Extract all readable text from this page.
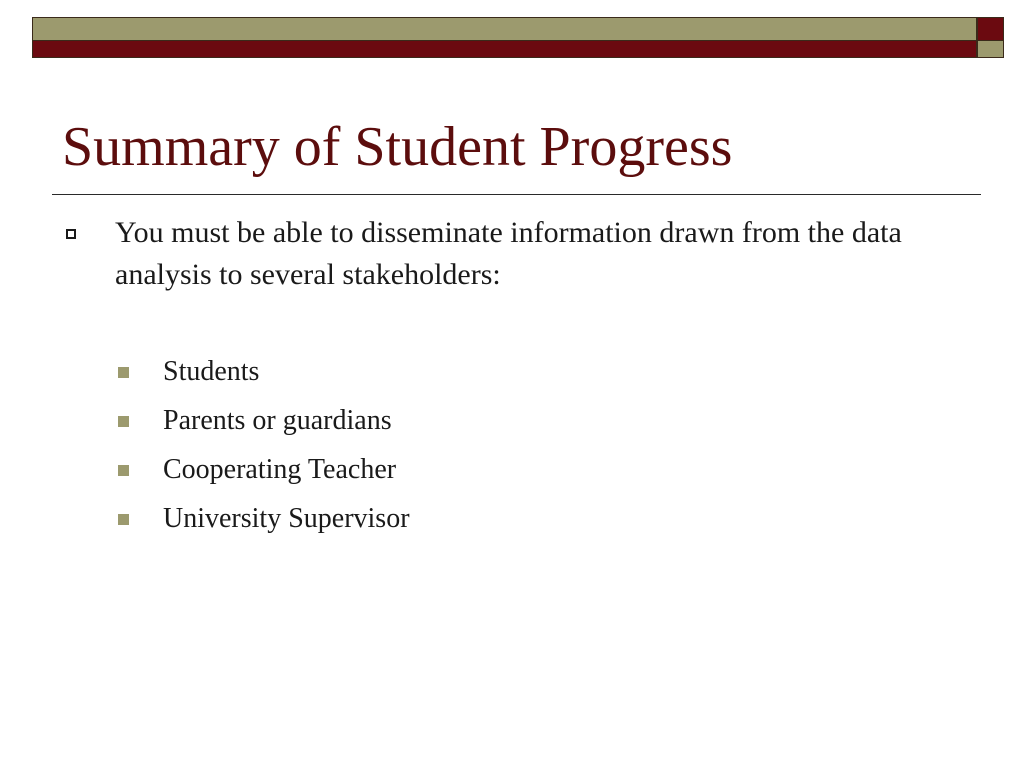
Summary of Student Progress

You must be able to disseminate information drawn from the data analysis to several stakeholders:

Students
Parents or guardians
Cooperating Teacher
University Supervisor
